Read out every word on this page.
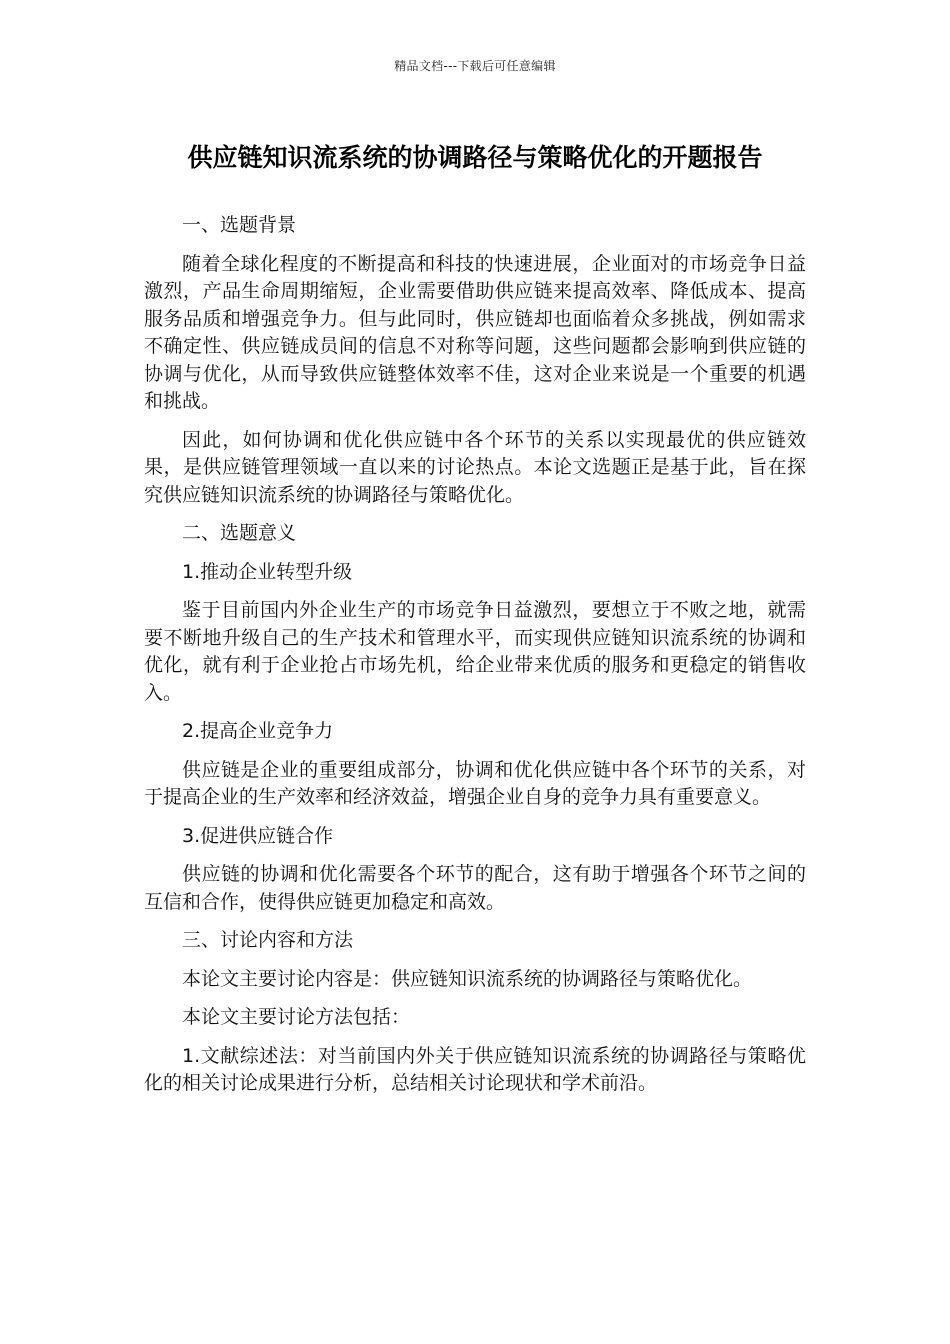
精品文档---下载后可任意编辑
供应链知识流系统的协调路径与策略优化的开题报告

一、选题背景

随着全球化程度的不断提高和科技的快速进展，企业面对的市场竞争日益激烈，产品生命周期缩短，企业需要借助供应链来提高效率、降低成本、提高服务品质和增强竞争力。但与此同时，供应链却也面临着众多挑战，例如需求不确定性、供应链成员间的信息不对称等问题，这些问题都会影响到供应链的协调与优化，从而导致供应链整体效率不佳，这对企业来说是一个重要的机遇和挑战。

因此，如何协调和优化供应链中各个环节的关系以实现最优的供应链效果，是供应链管理领域一直以来的讨论热点。本论文选题正是基于此，旨在探究供应链知识流系统的协调路径与策略优化。

二、选题意义

1.推动企业转型升级

鉴于目前国内外企业生产的市场竞争日益激烈，要想立于不败之地，就需要不断地升级自己的生产技术和管理水平，而实现供应链知识流系统的协调和优化，就有利于企业抢占市场先机，给企业带来优质的服务和更稳定的销售收入。

2.提高企业竞争力

供应链是企业的重要组成部分，协调和优化供应链中各个环节的关系，对于提高企业的生产效率和经济效益，增强企业自身的竞争力具有重要意义。

3.促进供应链合作

供应链的协调和优化需要各个环节的配合，这有助于增强各个环节之间的互信和合作，使得供应链更加稳定和高效。

三、讨论内容和方法

本论文主要讨论内容是：供应链知识流系统的协调路径与策略优化。

本论文主要讨论方法包括：

1.文献综述法：对当前国内外关于供应链知识流系统的协调路径与策略优化的相关讨论成果进行分析，总结相关讨论现状和学术前沿。
